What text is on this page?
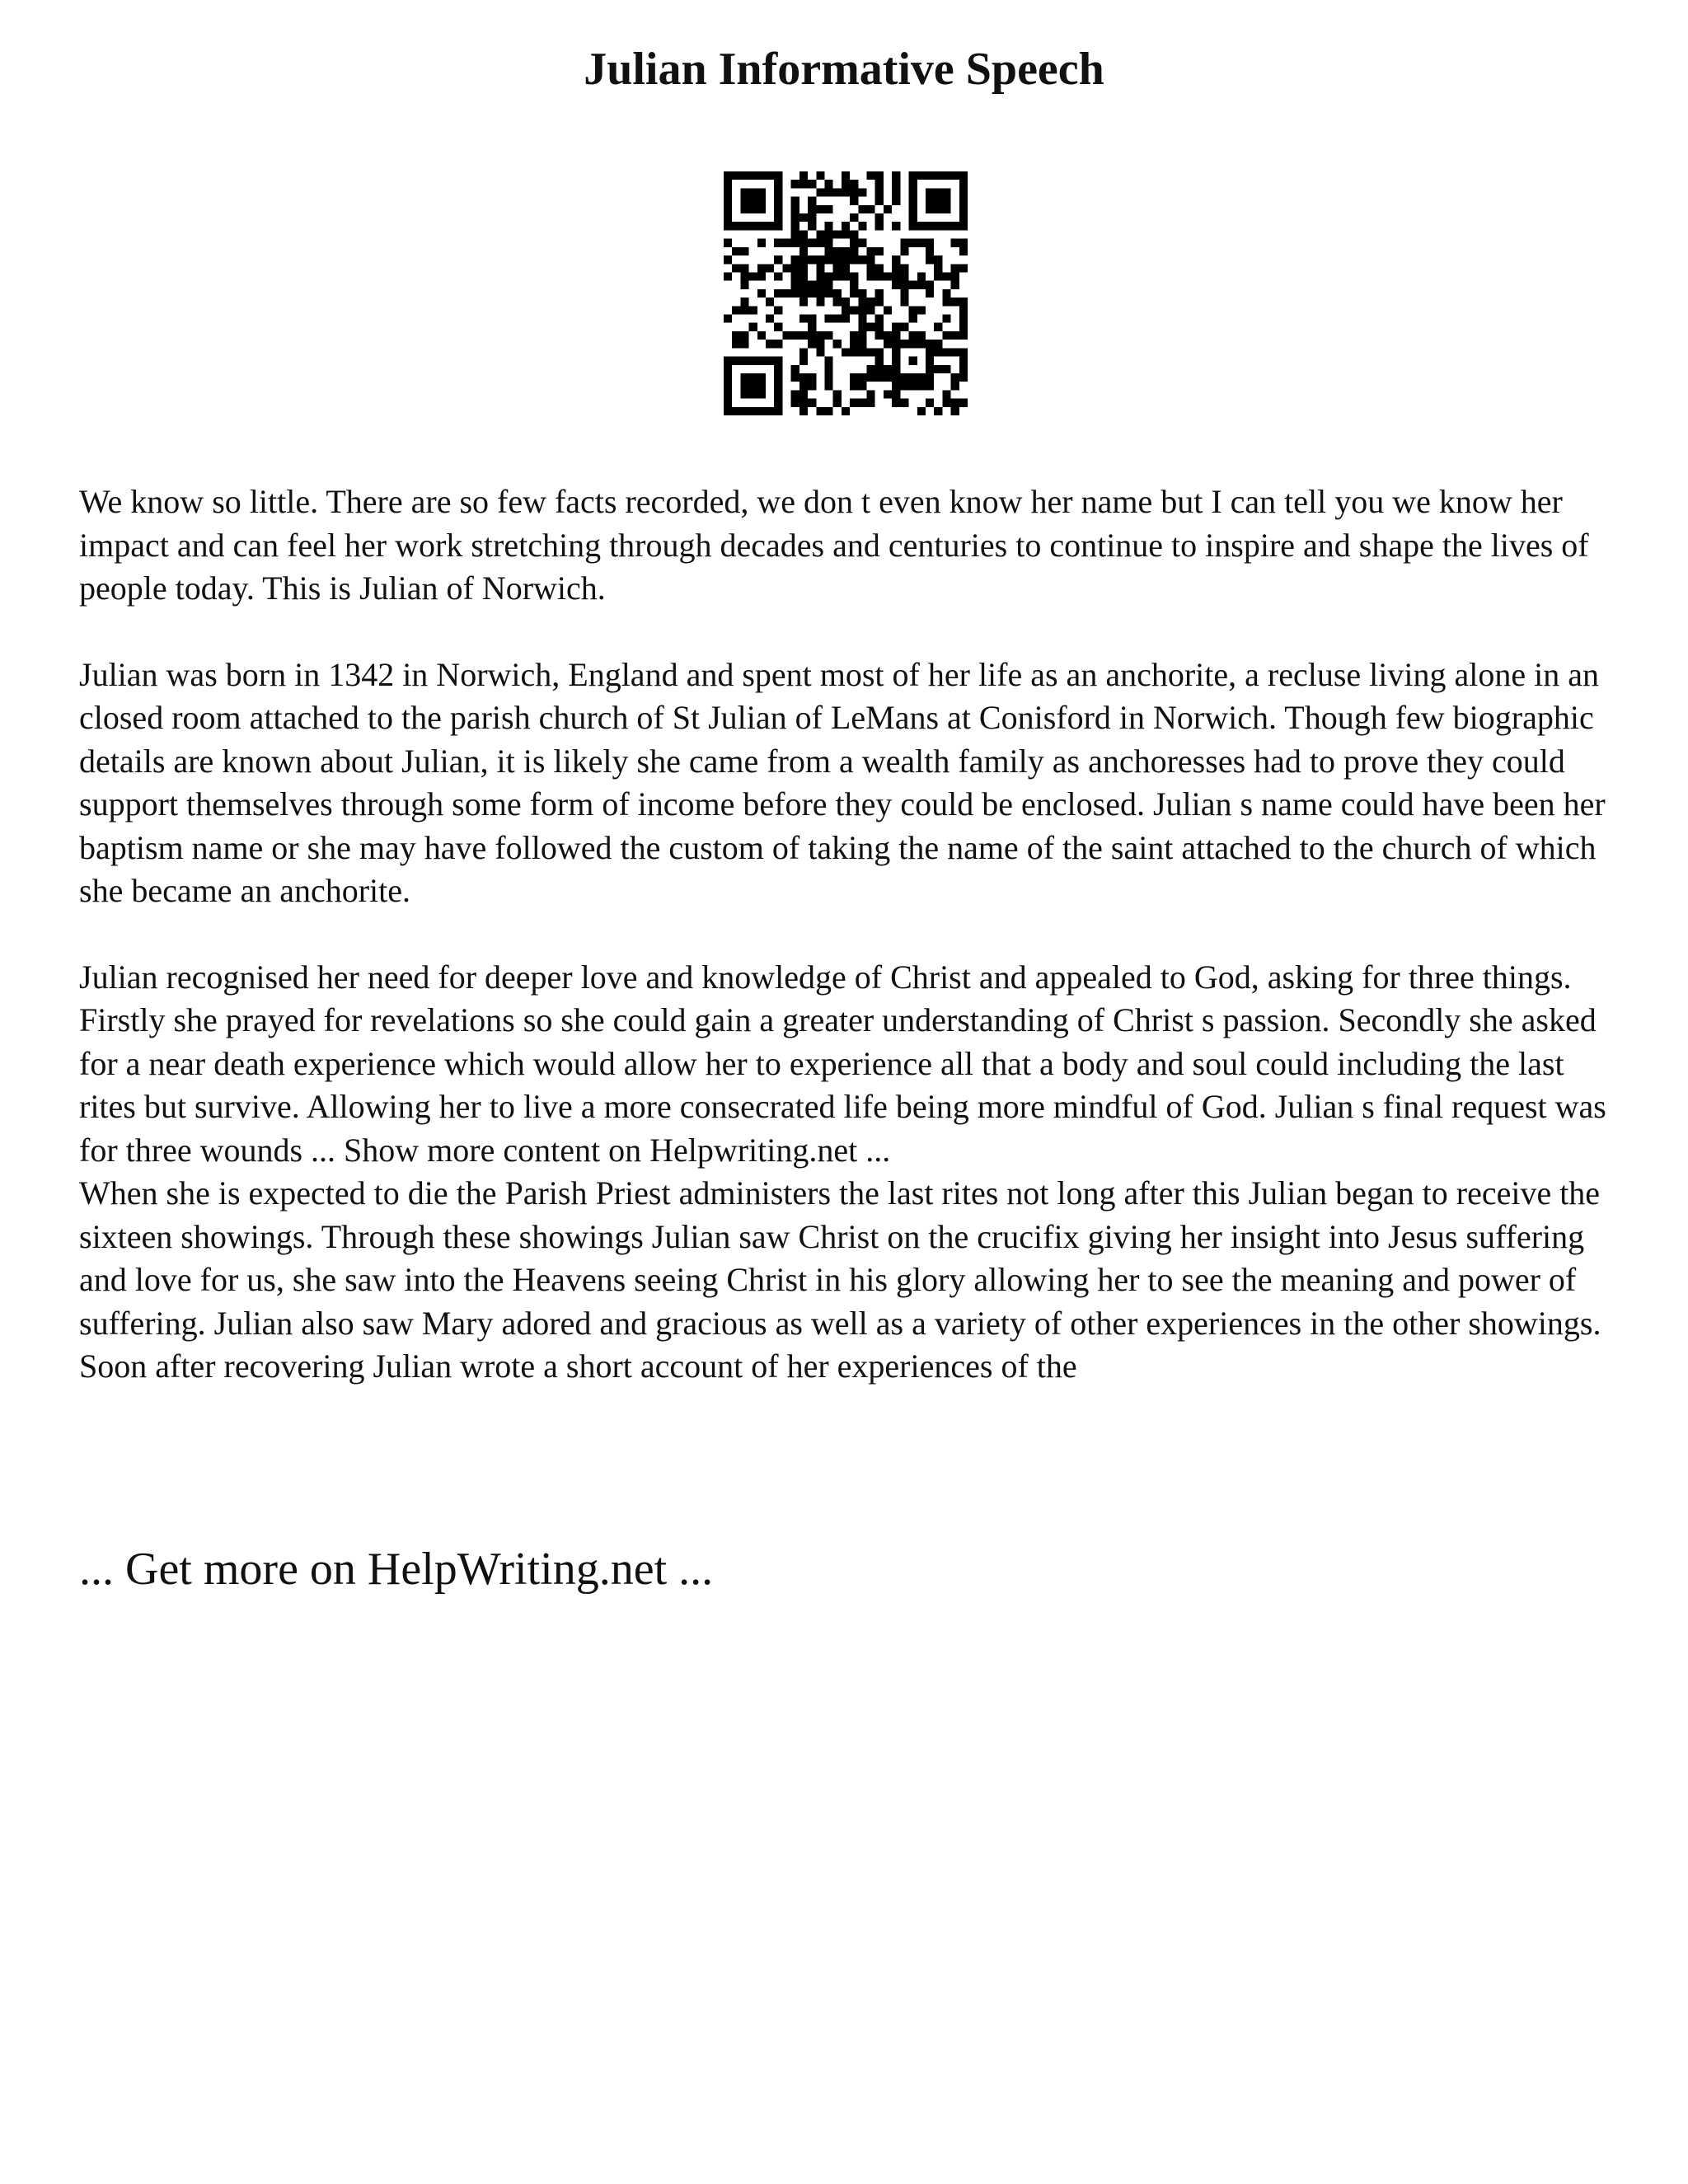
Julian Informative Speech

We know so little. There are so few facts recorded, we don t even know her name but I can tell you we know her impact and can feel her work stretching through decades and centuries to continue to inspire and shape the lives of people today. This is Julian of Norwich.

Julian was born in 1342 in Norwich, England and spent most of her life as an anchorite, a recluse living alone in an closed room attached to the parish church of St Julian of LeMans at Conisford in Norwich. Though few biographic details are known about Julian, it is likely she came from a wealth family as anchoresses had to prove they could support themselves through some form of income before they could be enclosed. Julian s name could have been her baptism name or she may have followed the custom of taking the name of the saint attached to the church of which she became an anchorite.

Julian recognised her need for deeper love and knowledge of Christ and appealed to God, asking for three things. Firstly she prayed for revelations so she could gain a greater understanding of Christ s passion. Secondly she asked for a near death experience which would allow her to experience all that a body and soul could including the last rites but survive. Allowing her to live a more consecrated life being more mindful of God. Julian s final request was for three wounds ... Show more content on Helpwriting.net ...

When she is expected to die the Parish Priest administers the last rites not long after this Julian began to receive the sixteen showings. Through these showings Julian saw Christ on the crucifix giving her insight into Jesus suffering and love for us, she saw into the Heavens seeing Christ in his glory allowing her to see the meaning and power of suffering. Julian also saw Mary adored and gracious as well as a variety of other experiences in the other showings. Soon after recovering Julian wrote a short account of her experiences of the

... Get more on HelpWriting.net ...
